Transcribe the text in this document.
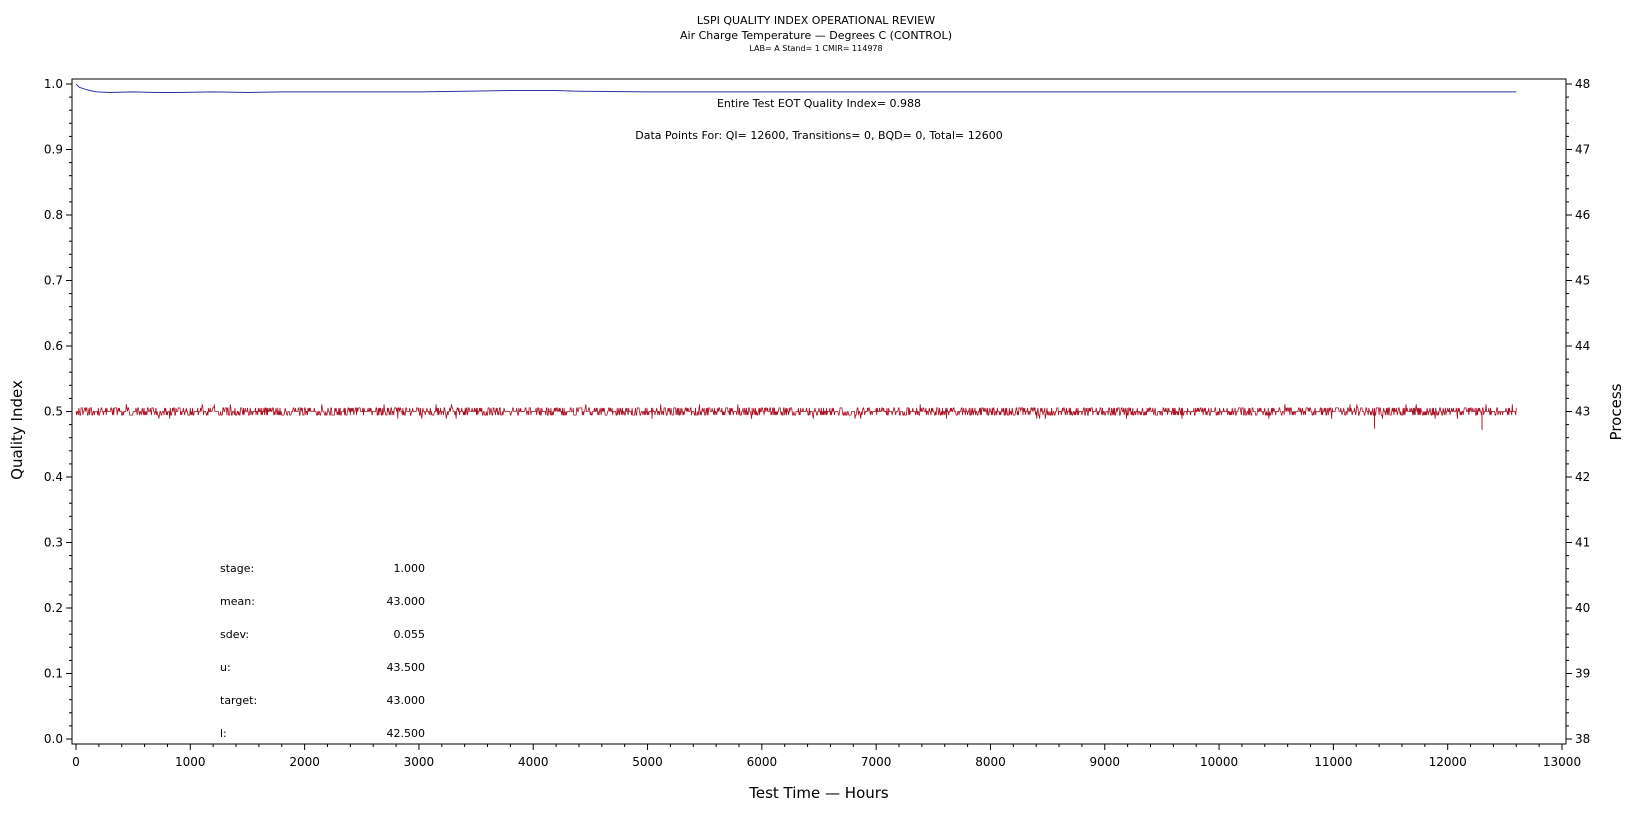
LSPI QUALITY INDEX OPERATIONAL REVIEW
Air Charge Temperature — Degrees C (CONTROL)
LAB= A Stand= 1 CMIR= 114978
0	1000	2000	3000	4000	5000	6000	7000	8000	9000	10000	11000	12000	13000
0.0
0.1
0.2
0.3
0.4
0.5
0.6
0.7
0.8
0.9
1.0
38
39
40
41
42
43
44
45
46
47
48
Entire Test EOT Quality Index= 0.988
Data Points For: QI= 12600, Transitions= 0, BQD= 0, Total= 12600
Test Time — Hours
Quality Index	Process
stage:	1.000
mean:	43.000
sdev:	0.055
u:	43.500
target:	43.000
l:	42.500
